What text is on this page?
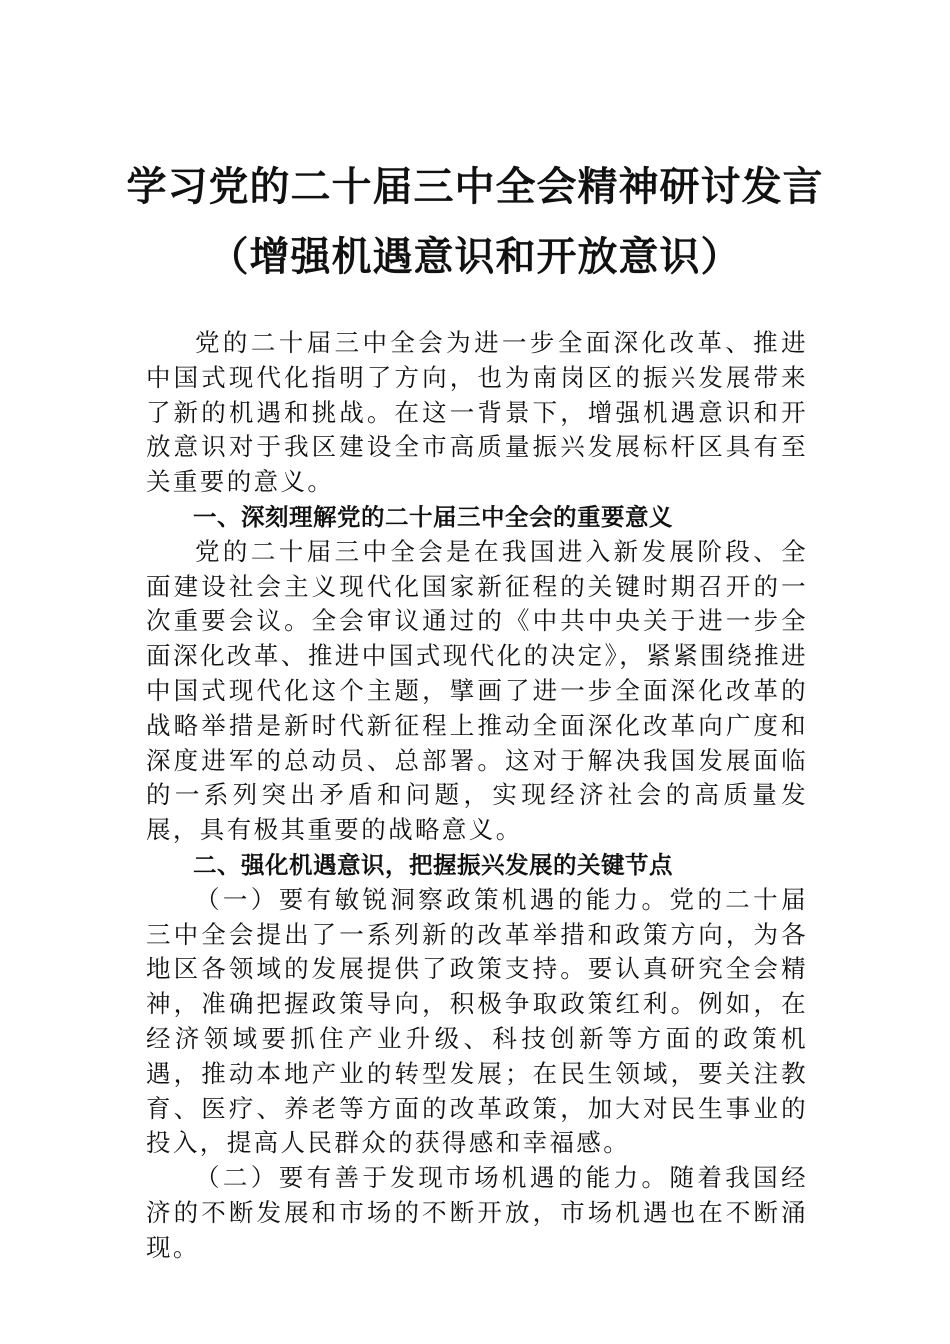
学习党的二十届三中全会精神研讨发言
（增强机遇意识和开放意识）

党的二十届三中全会为进一步全面深化改革、推进中国式现代化指明了方向，也为南岗区的振兴发展带来了新的机遇和挑战。在这一背景下，增强机遇意识和开放意识对于我区建设全市高质量振兴发展标杆区具有至关重要的意义。

一、深刻理解党的二十届三中全会的重要意义

党的二十届三中全会是在我国进入新发展阶段、全面建设社会主义现代化国家新征程的关键时期召开的一次重要会议。全会审议通过的《中共中央关于进一步全面深化改革、推进中国式现代化的决定》，紧紧围绕推进中国式现代化这个主题，擘画了进一步全面深化改革的战略举措是新时代新征程上推动全面深化改革向广度和深度进军的总动员、总部署。这对于解决我国发展面临的一系列突出矛盾和问题，实现经济社会的高质量发展，具有极其重要的战略意义。

二、强化机遇意识，把握振兴发展的关键节点

（一）要有敏锐洞察政策机遇的能力。党的二十届三中全会提出了一系列新的改革举措和政策方向，为各地区各领域的发展提供了政策支持。要认真研究全会精神，准确把握政策导向，积极争取政策红利。例如，在经济领域要抓住产业升级、科技创新等方面的政策机遇，推动本地产业的转型发展；在民生领域，要关注教育、医疗、养老等方面的改革政策，加大对民生事业的投入，提高人民群众的获得感和幸福感。

（二）要有善于发现市场机遇的能力。随着我国经济的不断发展和市场的不断开放，市场机遇也在不断涌现。
